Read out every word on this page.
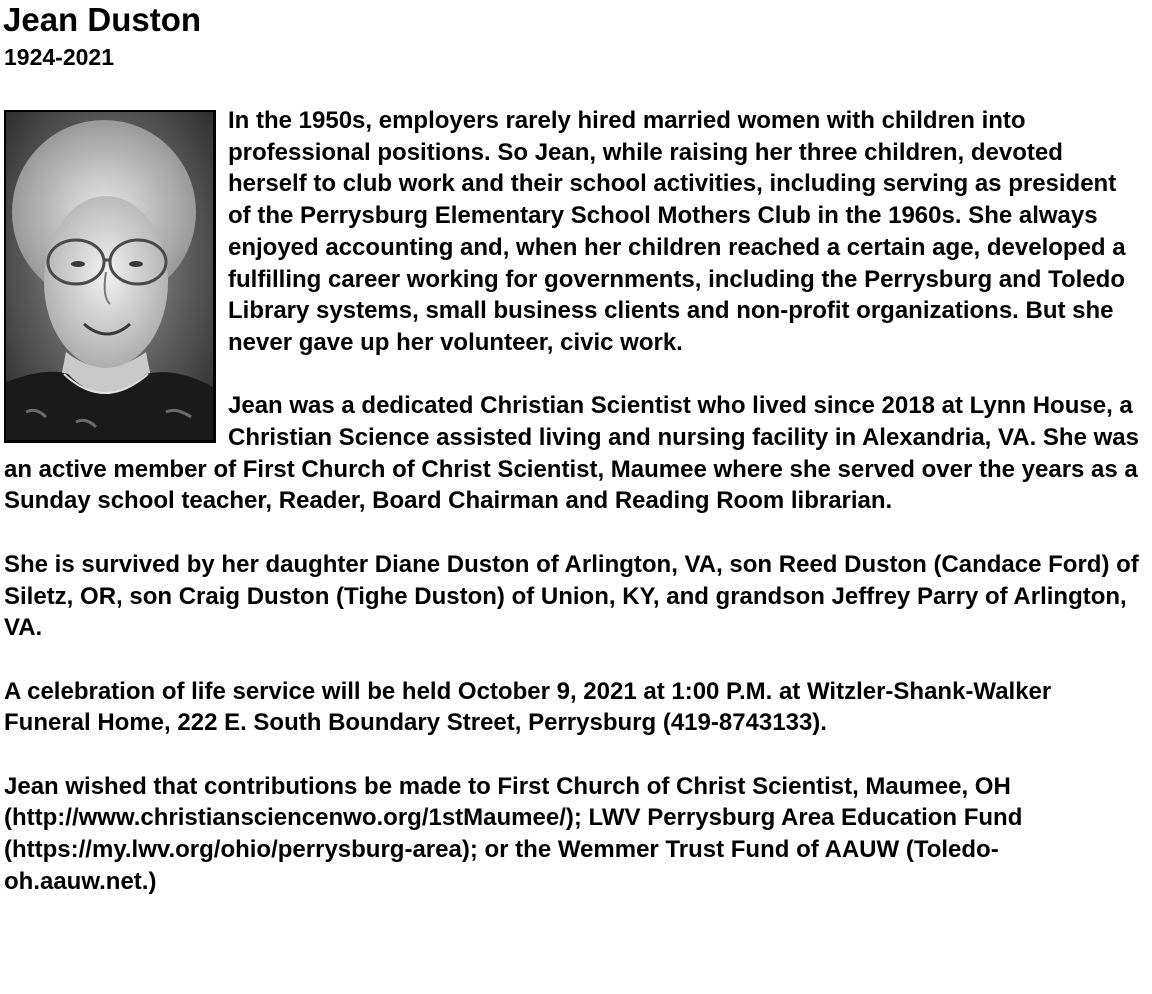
Jean Duston
1924-2021

In the 1950s, employers rarely hired married women with children into professional positions. So Jean, while raising her three children, devoted herself to club work and their school activities, including serving as president of the Perrysburg Elementary School Mothers Club in the 1960s. She always enjoyed accounting and, when her children reached a certain age, developed a fulfilling career working for governments, including the Perrysburg and Toledo Library systems, small business clients and non-profit organizations. But she never gave up her volunteer, civic work.

Jean was a dedicated Christian Scientist who lived since 2018 at Lynn House, a Christian Science assisted living and nursing facility in Alexandria, VA. She was an active member of First Church of Christ Scientist, Maumee where she served over the years as a Sunday school teacher, Reader, Board Chairman and Reading Room librarian.

She is survived by her daughter Diane Duston of Arlington, VA, son Reed Duston (Candace Ford) of Siletz, OR, son Craig Duston (Tighe Duston) of Union, KY, and grandson Jeffrey Parry of Arlington, VA.

A celebration of life service will be held October 9, 2021 at 1:00 P.M. at Witzler-Shank-Walker Funeral Home, 222 E. South Boundary Street, Perrysburg (419-8743133).

Jean wished that contributions be made to First Church of Christ Scientist, Maumee, OH (http://www.christiansciencenwo.org/1stMaumee/); LWV Perrysburg Area Education Fund (https://my.lwv.org/ohio/perrysburg-area); or the Wemmer Trust Fund of AAUW (Toledo-oh.aauw.net.)
